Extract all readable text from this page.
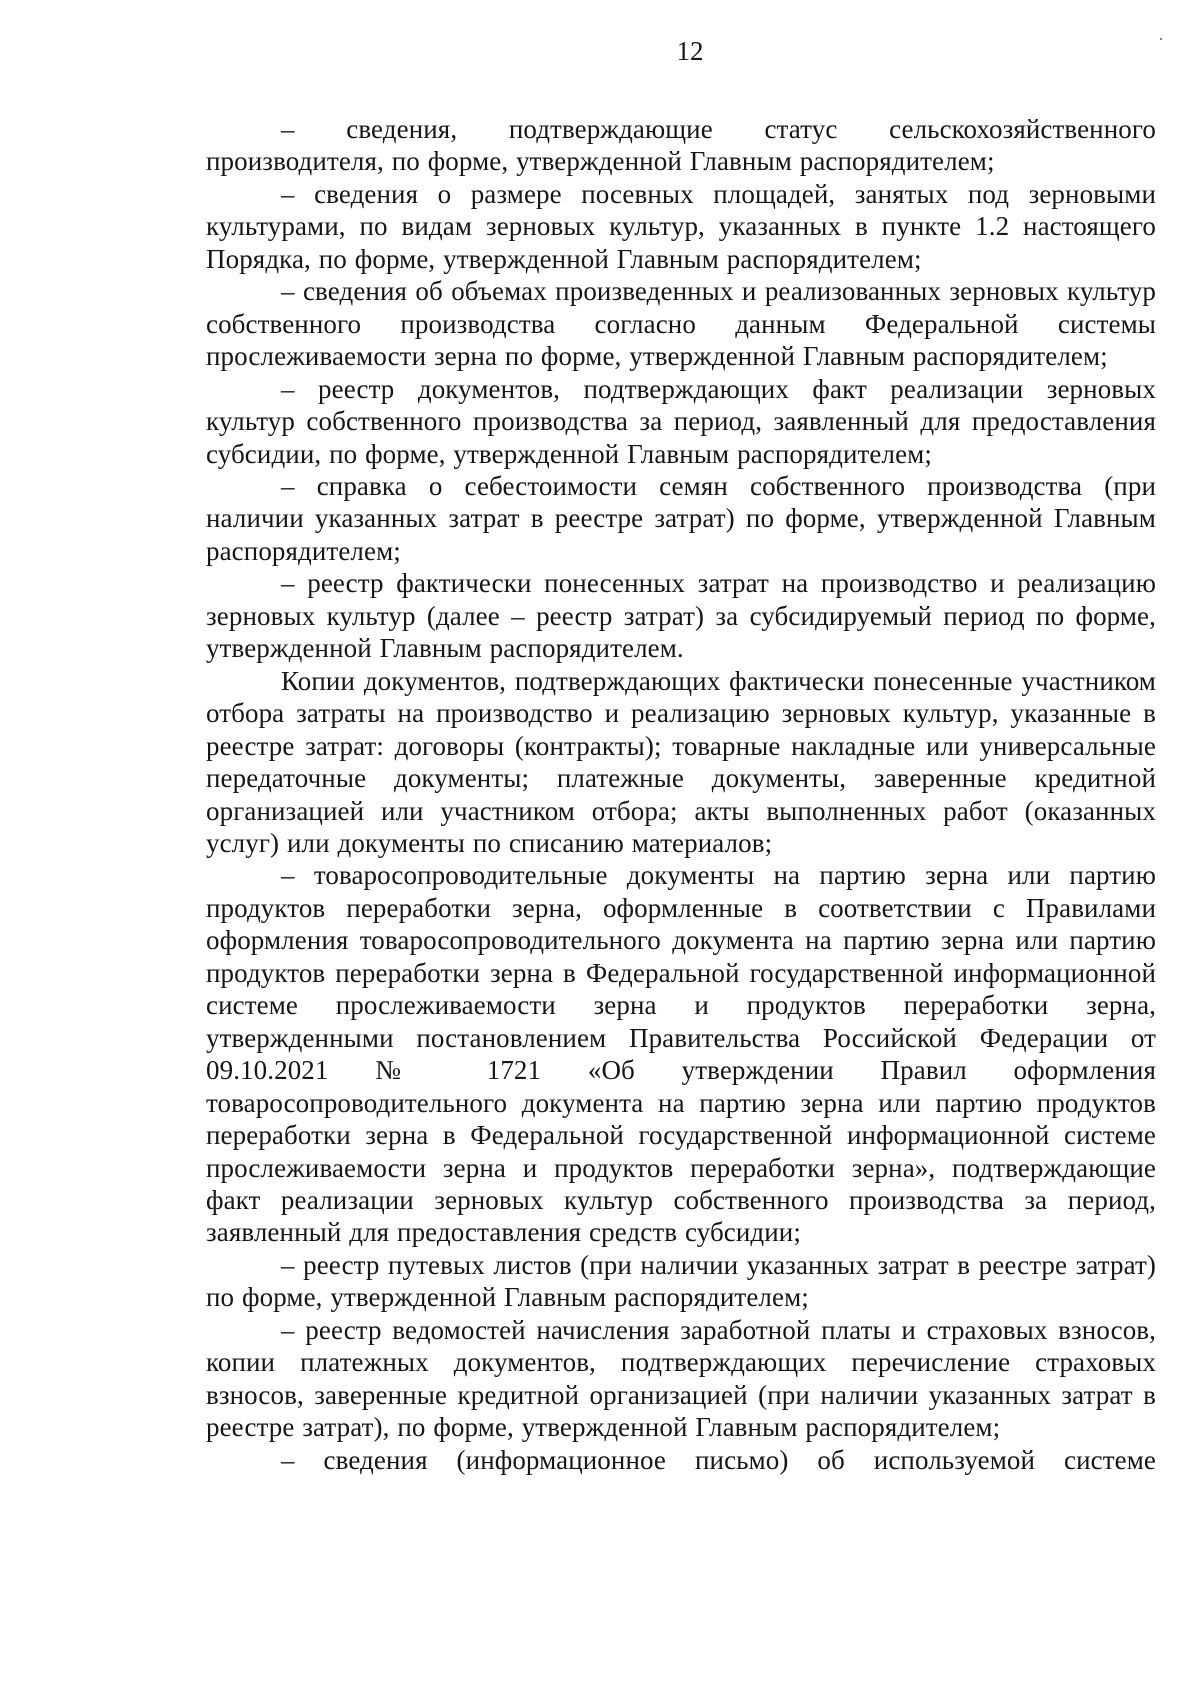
12

– сведения, подтверждающие статус сельскохозяйственного производителя, по форме, утвержденной Главным распорядителем;

– сведения о размере посевных площадей, занятых под зерновыми культурами, по видам зерновых культур, указанных в пункте 1.2 настоящего Порядка, по форме, утвержденной Главным распорядителем;

– сведения об объемах произведенных и реализованных зерновых культур собственного производства согласно данным Федеральной системы прослеживаемости зерна по форме, утвержденной Главным распорядителем;

– реестр документов, подтверждающих факт реализации зерновых культур собственного производства за период, заявленный для предоставления субсидии, по форме, утвержденной Главным распорядителем;

– справка о себестоимости семян собственного производства (при наличии указанных затрат в реестре затрат) по форме, утвержденной Главным распорядителем;

– реестр фактически понесенных затрат на производство и реализацию зерновых культур (далее – реестр затрат) за субсидируемый период по форме, утвержденной Главным распорядителем.

Копии документов, подтверждающих фактически понесенные участником отбора затраты на производство и реализацию зерновых культур, указанные в реестре затрат: договоры (контракты); товарные накладные или универсальные передаточные документы; платежные документы, заверенные кредитной организацией или участником отбора; акты выполненных работ (оказанных услуг) или документы по списанию материалов;

– товаросопроводительные документы на партию зерна или партию продуктов переработки зерна, оформленные в соответствии с Правилами оформления товаросопроводительного документа на партию зерна или партию продуктов переработки зерна в Федеральной государственной информационной системе прослеживаемости зерна и продуктов переработки зерна, утвержденными постановлением Правительства Российской Федерации от 09.10.2021 № 1721 «Об утверждении Правил оформления товаросопроводительного документа на партию зерна или партию продуктов переработки зерна в Федеральной государственной информационной системе прослеживаемости зерна и продуктов переработки зерна», подтверждающие факт реализации зерновых культур собственного производства за период, заявленный для предоставления средств субсидии;

– реестр путевых листов (при наличии указанных затрат в реестре затрат) по форме, утвержденной Главным распорядителем;

– реестр ведомостей начисления заработной платы и страховых взносов, копии платежных документов, подтверждающих перечисление страховых взносов, заверенные кредитной организацией (при наличии указанных затрат в реестре затрат), по форме, утвержденной Главным распорядителем;

– сведения (информационное письмо) об используемой системе
